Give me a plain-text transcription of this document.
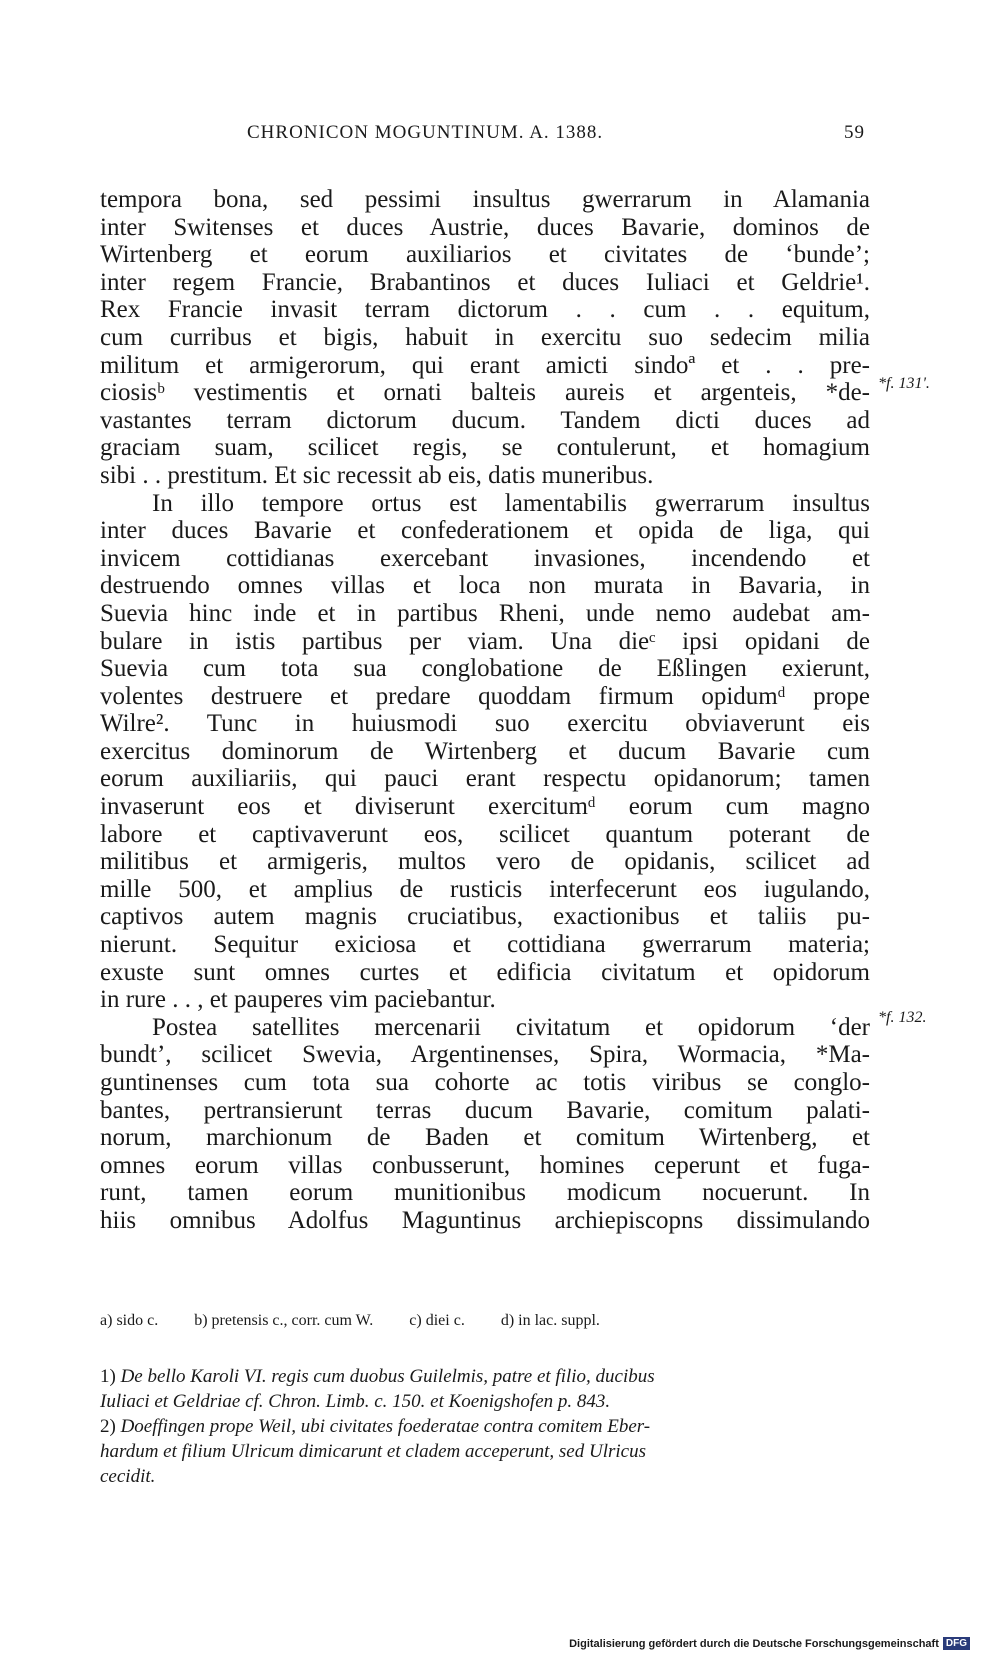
CHRONICON MOGUNTINUM. A. 1388.	59
tempora bona, sed pessimi insultus gwerrarum in Alamania
inter Switenses et duces Austrie, duces Bavarie, dominos de
Wirtenberg et eorum auxiliarios et civitates de ‘bunde’;
inter regem Francie, Brabantinos et duces Iuliaci et Geldrie¹.
Rex Francie invasit terram dictorum . . cum . . equitum,
cum curribus et bigis, habuit in exercitu suo sedecim milia
militum et armigerorum, qui erant amicti sindoª et . . pre-
ciosisᵇ vestimentis et ornati balteis aureis et argenteis, *de-
vastantes terram dictorum ducum. Tandem dicti duces ad
graciam suam, scilicet regis, se contulerunt, et homagium
sibi . . prestitum. Et sic recessit ab eis, datis muneribus.
In illo tempore ortus est lamentabilis gwerrarum insultus
inter duces Bavarie et confederationem et opida de liga, qui
invicem cottidianas exercebant invasiones, incendendo et
destruendo omnes villas et loca non murata in Bavaria, in
Suevia hinc inde et in partibus Rheni, unde nemo audebat am-
bulare in istis partibus per viam. Una dieᶜ ipsi opidani de
Suevia cum tota sua conglobatione de Eßlingen exierunt,
volentes destruere et predare quoddam firmum opidumᵈ prope
Wilre². Tunc in huiusmodi suo exercitu obviaverunt eis
exercitus dominorum de Wirtenberg et ducum Bavarie cum
eorum auxiliariis, qui pauci erant respectu opidanorum; tamen
invaserunt eos et diviserunt exercitumᵈ eorum cum magno
labore et captivaverunt eos, scilicet quantum poterant de
militibus et armigeris, multos vero de opidanis, scilicet ad
mille 500, et amplius de rusticis interfecerunt eos iugulando,
captivos autem magnis cruciatibus, exactionibus et taliis pu-
nierunt. Sequitur exiciosa et cottidiana gwerrarum materia;
exuste sunt omnes curtes et edificia civitatum et opidorum
in rure . . , et pauperes vim paciebantur.
Postea satellites mercenarii civitatum et opidorum ‘der
bundt’, scilicet Swevia, Argentinenses, Spira, Wormacia, *Ma-
guntinenses cum tota sua cohorte ac totis viribus se conglo-
bantes, pertransierunt terras ducum Bavarie, comitum palati-
norum, marchionum de Baden et comitum Wirtenberg, et
omnes eorum villas conbusserunt, homines ceperunt et fuga-
runt, tamen eorum munitionibus modicum nocuerunt. In
hiis omnibus Adolfus Maguntinus archiepiscopns dissimulando
*f. 131'.
*f. 132.
a) sido c. b) pretensis c., corr. cum W. c) diei c. d) in lac. suppl.
1) De bello Karoli VI. regis cum duobus Guilelmis, patre et filio, ducibus
Iuliaci et Geldriae cf. Chron. Limb. c. 150. et Koenigshofen p. 843.
2) Doeffingen prope Weil, ubi civitates foederatae contra comitem Eber-
hardum et filium Ulricum dimicarunt et cladem acceperunt, sed Ulricus
cecidit.
Digitalisierung gefördert durch die Deutsche Forschungsgemeinschaft DFG
